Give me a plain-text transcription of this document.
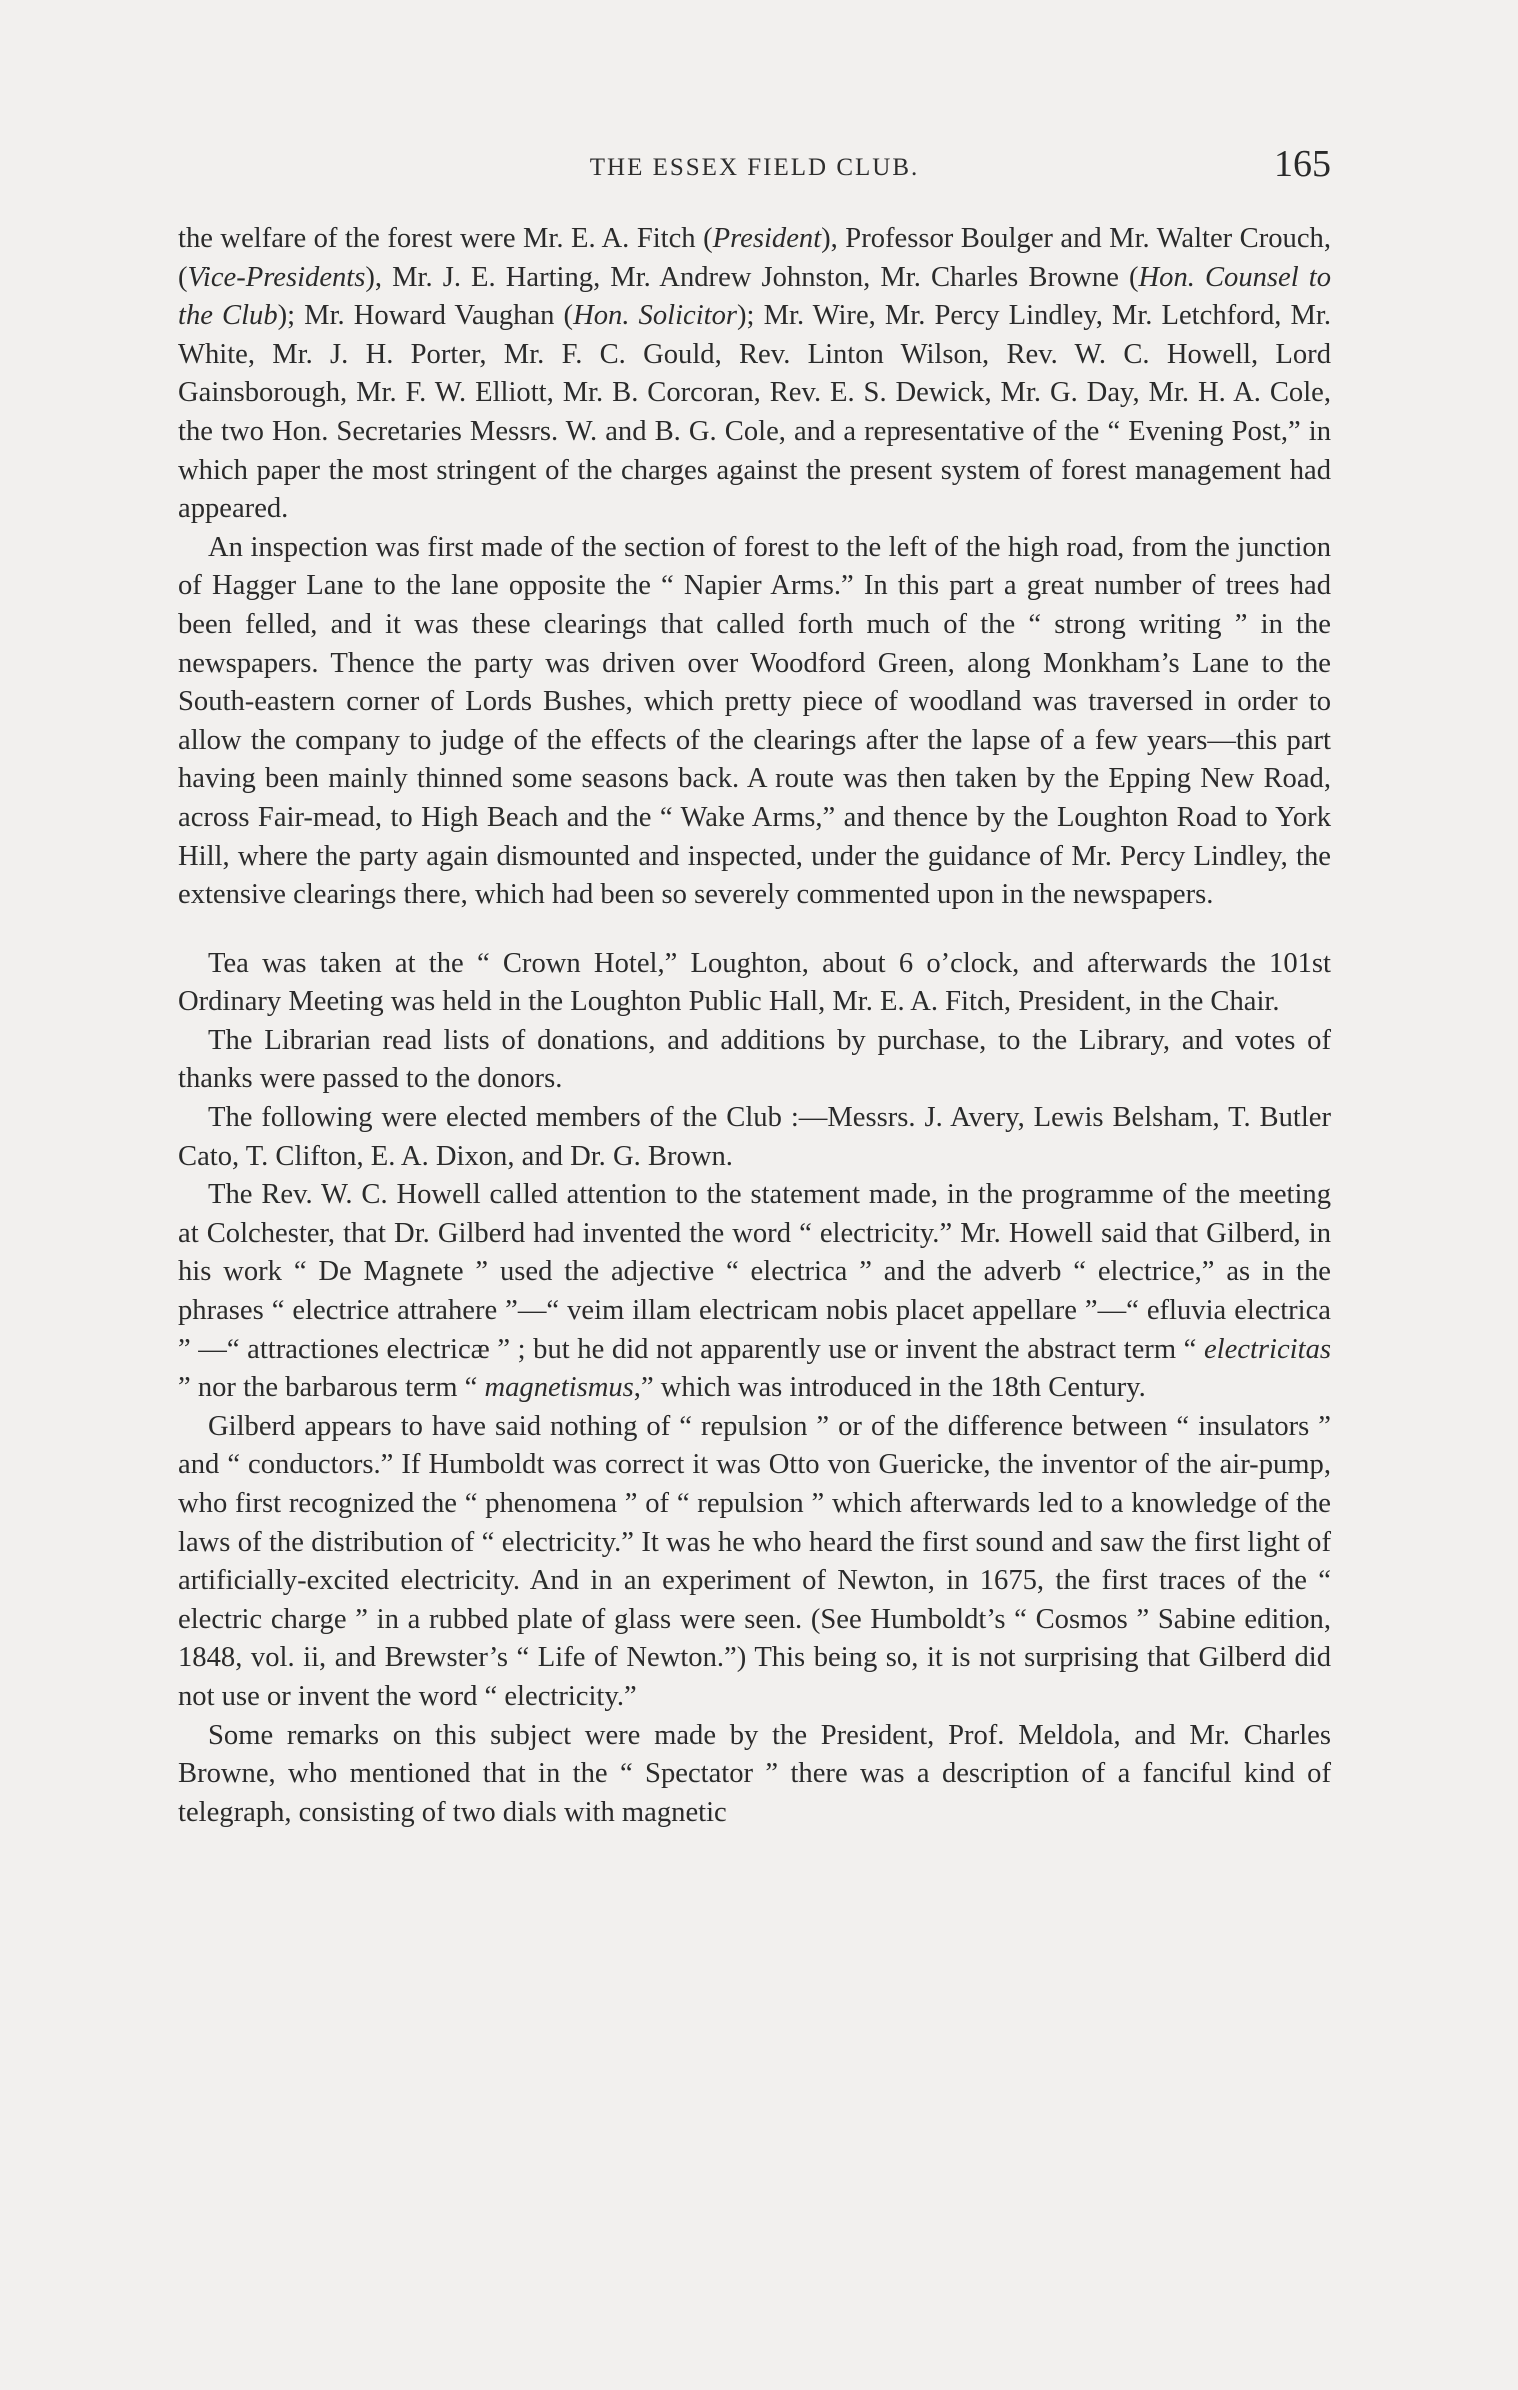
THE ESSEX FIELD CLUB.	165

the welfare of the forest were Mr. E. A. Fitch (President), Professor Boulger and Mr. Walter Crouch, (Vice-Presidents), Mr. J. E. Harting, Mr. Andrew Johnston, Mr. Charles Browne (Hon. Counsel to the Club); Mr. Howard Vaughan (Hon. Solicitor); Mr. Wire, Mr. Percy Lindley, Mr. Letchford, Mr. White, Mr. J. H. Porter, Mr. F. C. Gould, Rev. Linton Wilson, Rev. W. C. Howell, Lord Gainsborough, Mr. F. W. Elliott, Mr. B. Corcoran, Rev. E. S. Dewick, Mr. G. Day, Mr. H. A. Cole, the two Hon. Secretaries Messrs. W. and B. G. Cole, and a representative of the “ Evening Post,” in which paper the most stringent of the charges against the present system of forest management had appeared.

An inspection was first made of the section of forest to the left of the high road, from the junction of Hagger Lane to the lane opposite the “ Napier Arms.” In this part a great number of trees had been felled, and it was these clearings that called forth much of the “ strong writing ” in the newspapers. Thence the party was driven over Woodford Green, along Monkham’s Lane to the South-eastern corner of Lords Bushes, which pretty piece of woodland was traversed in order to allow the company to judge of the effects of the clearings after the lapse of a few years—this part having been mainly thinned some seasons back. A route was then taken by the Epping New Road, across Fair-mead, to High Beach and the “ Wake Arms,” and thence by the Loughton Road to York Hill, where the party again dismounted and inspected, under the guidance of Mr. Percy Lindley, the extensive clearings there, which had been so severely commented upon in the newspapers.

Tea was taken at the “ Crown Hotel,” Loughton, about 6 o’clock, and afterwards the 101st Ordinary Meeting was held in the Loughton Public Hall, Mr. E. A. Fitch, President, in the Chair.

The Librarian read lists of donations, and additions by purchase, to the Library, and votes of thanks were passed to the donors.

The following were elected members of the Club :—Messrs. J. Avery, Lewis Belsham, T. Butler Cato, T. Clifton, E. A. Dixon, and Dr. G. Brown.

The Rev. W. C. Howell called attention to the statement made, in the programme of the meeting at Colchester, that Dr. Gilberd had invented the word “ electricity.” Mr. Howell said that Gilberd, in his work “ De Magnete ” used the adjective “ electrica ” and the adverb “ electrice,” as in the phrases “ electrice attrahere ”—“ veim illam electricam nobis placet appellare ”—“ efluvia electrica ” —“ attractiones electricæ ” ; but he did not apparently use or invent the abstract term “ electricitas ” nor the barbarous term “ magnetismus,” which was introduced in the 18th Century.

Gilberd appears to have said nothing of “ repulsion ” or of the difference between “ insulators ” and “ conductors.” If Humboldt was correct it was Otto von Guericke, the inventor of the air-pump, who first recognized the “ phenomena ” of “ repulsion ” which afterwards led to a knowledge of the laws of the distribution of “ electricity.” It was he who heard the first sound and saw the first light of artificially-excited electricity. And in an experiment of Newton, in 1675, the first traces of the “ electric charge ” in a rubbed plate of glass were seen. (See Humboldt’s “ Cosmos ” Sabine edition, 1848, vol. ii, and Brewster’s “ Life of Newton.”) This being so, it is not surprising that Gilberd did not use or invent the word “ electricity.”

Some remarks on this subject were made by the President, Prof. Meldola, and Mr. Charles Browne, who mentioned that in the “ Spectator ” there was a description of a fanciful kind of telegraph, consisting of two dials with magnetic
